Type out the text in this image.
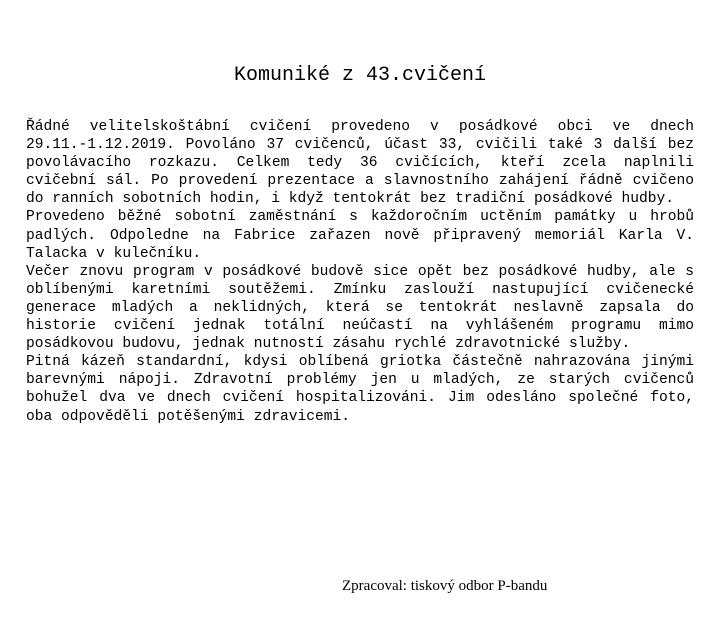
Komuniké z 43.cvičení

Řádné velitelskoštábní cvičení provedeno v posádkové obci ve dnech 29.11.-1.12.2019. Povoláno 37 cvičenců, účast 33, cvičili také 3 další bez povolávacího rozkazu. Celkem tedy 36 cvičících, kteří zcela naplnili cvičební sál. Po provedení prezentace a slavnostního zahájení řádně cvičeno do ranních sobotních hodin, i když tentokrát bez tradiční posádkové hudby.

Provedeno běžné sobotní zaměstnání s každoročním uctěním památky u hrobů padlých. Odpoledne na Fabrice zařazen nově připravený memoriál Karla V. Talacka v kulečníku.

Večer znovu program v posádkové budově sice opět bez posádkové hudby, ale s oblíbenými karetními soutěžemi. Zmínku zaslouží nastupující cvičenecké generace mladých a neklidných, která se tentokrát neslavně zapsala do historie cvičení jednak totální neúčastí na vyhlášeném programu mimo posádkovou budovu, jednak nutností zásahu rychlé zdravotnické služby.

Pitná kázeň standardní, kdysi oblíbená griotka částečně nahrazována jinými barevnými nápoji. Zdravotní problémy jen u mladých, ze starých cvičenců bohužel dva ve dnech cvičení hospitalizováni. Jim odesláno společné foto, oba odpověděli potěšenými zdravicemi.

Zpracoval: tiskový odbor P-bandu
